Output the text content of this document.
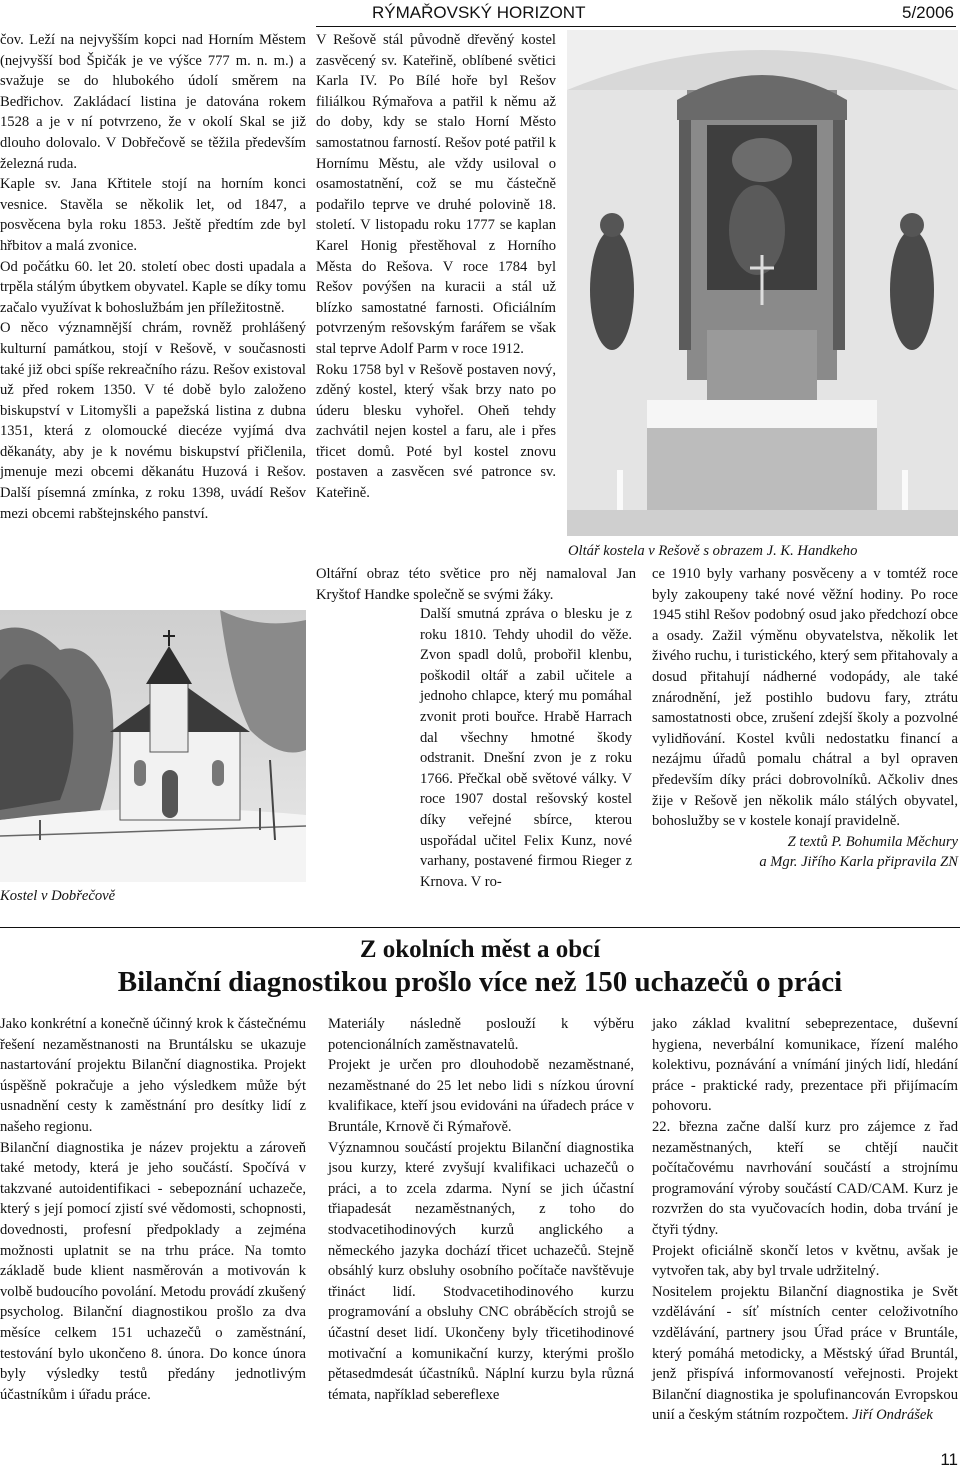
RÝMAŘOVSKÝ HORIZONT	5/2006

čov. Leží na nejvyšším kopci nad Horním Městem (nejvyšší bod Špičák je ve výšce 777 m. n. m.) a svažuje se do hlubokého údolí směrem na Bedřichov. Zakládací listina je datována rokem 1528 a je v ní potvrzeno, že v okolí Skal se již dlouho dolovalo. V Dobřečově se těžila především železná ruda.

Kaple sv. Jana Křtitele stojí na horním konci vesnice. Stavěla se několik let, od 1847, a posvěcena byla roku 1853. Ještě předtím zde byl hřbitov a malá zvonice.

Od počátku 60. let 20. století obec dosti upadala a trpěla stálým úbytkem obyvatel. Kaple se díky tomu začalo využívat k bohoslužbám jen příležitostně.

O něco významnější chrám, rovněž prohlášený kulturní památkou, stojí v Rešově, v současnosti také již obci spíše rekreačního rázu. Rešov existoval už před rokem 1350. V té době bylo založeno biskupství v Litomyšli a papežská listina z dubna 1351, která z olomoucké diecéze vyjímá dva děkanáty, aby je k novému biskupství přičlenila, jmenuje mezi obcemi děkanátu Huzová i Rešov. Další písemná zmínka, z roku 1398, uvádí Rešov mezi obcemi rabštejnského panství.

Kostel v Dobřečově

V Rešově stál původně dřevěný kostel zasvěcený sv. Kateřině, oblíbené světici Karla IV. Po Bílé hoře byl Rešov filiálkou Rýmařova a patřil k němu až do doby, kdy se stalo Horní Město samostatnou farností. Rešov poté patřil k Hornímu Městu, ale vždy usiloval o osamostatnění, což se mu částečně podařilo teprve ve druhé polovině 18. století. V listopadu roku 1777 se kaplan Karel Honig přestěhoval z Horního Města do Rešova. V roce 1784 byl Rešov povýšen na kuracii a stál už blízko samostatné farnosti. Oficiálním potvrzeným rešovským farářem se však stal teprve Adolf Parm v roce 1912.

Roku 1758 byl v Rešově postaven nový, zděný kostel, který však brzy nato po úderu blesku vyhořel. Oheň tehdy zachvátil nejen kostel a faru, ale i přes třicet domů. Poté byl kostel znovu postaven a zasvěcen své patronce sv. Kateřině.

Oltářní obraz této světice pro něj namaloval Jan Kryštof Handke společně se svými žáky.

Další smutná zpráva o blesku je z roku 1810. Tehdy uhodil do věže. Zvon spadl dolů, probořil klenbu, poškodil oltář a zabil učitele a jednoho chlapce, který mu pomáhal zvonit proti bouřce. Hrabě Harrach dal všechny hmotné škody odstranit. Dnešní zvon je z roku 1766. Přečkal obě světové války. V roce 1907 dostal rešovský kostel díky veřejné sbírce, kterou uspořádal učitel Felix Kunz, nové varhany, postavené firmou Rieger z Krnova. V ro-

Oltář kostela v Rešově s obrazem J. K. Handkeho

ce 1910 byly varhany posvěceny a v tomtéž roce byly zakoupeny také nové věžní hodiny. Po roce 1945 stihl Rešov podobný osud jako předchozí obce a osady. Zažil výměnu obyvatelstva, několik let živého ruchu, i turistického, který sem přitahovaly a dosud přitahují nádherné vodopády, ale také znárodnění, jež postihlo budovu fary, ztrátu samostatnosti obce, zrušení zdejší školy a pozvolné vylidňování. Kostel kvůli nedostatku financí a nezájmu úřadů pomalu chátral a byl opraven především díky práci dobrovolníků. Ačkoliv dnes žije v Rešově jen několik málo stálých obyvatel, bohoslužby se v kostele konají pravidelně.

Z textů P. Bohumila Měchury

a Mgr. Jiřího Karla připravila ZN

Z okolních měst a obcí
Bilanční diagnostikou prošlo více než 150 uchazečů o práci

Jako konkrétní a konečně účinný krok k částečnému řešení nezaměstnanosti na Bruntálsku se ukazuje nastartování projektu Bilanční diagnostika. Projekt úspěšně pokračuje a jeho výsledkem může být usnadnění cesty k zaměstnání pro desítky lidí z našeho regionu.

Bilanční diagnostika je název projektu a zároveň také metody, která je jeho součástí. Spočívá v takzvané autoidentifikaci - sebepoznání uchazeče, který s její pomocí zjistí své vědomosti, schopnosti, dovednosti, profesní předpoklady a zejména možnosti uplatnit se na trhu práce. Na tomto základě bude klient nasměrován a motivován k volbě budoucího povolání. Metodu provádí zkušený psycholog. Bilanční diagnostikou prošlo za dva měsíce celkem 151 uchazečů o zaměstnání, testování bylo ukončeno 8. února. Do konce února byly výsledky testů předány jednotlivým účastníkům i úřadu práce.

Materiály následně poslouží k výběru potencionálních zaměstnavatelů.

Projekt je určen pro dlouhodobě nezaměstnané, nezaměstnané do 25 let nebo lidi s nízkou úrovní kvalifikace, kteří jsou evidováni na úřadech práce v Bruntále, Krnově či Rýmařově.

Významnou součástí projektu Bilanční diagnostika jsou kurzy, které zvyšují kvalifikaci uchazečů o práci, a to zcela zdarma. Nyní se jich účastní třiapadesát nezaměstnaných, z toho do stodvacetihodinových kurzů anglického a německého jazyka dochází třicet uchazečů. Stejně obsáhlý kurz obsluhy osobního počítače navštěvuje třináct lidí. Stodvacetihodinového kurzu programování a obsluhy CNC obráběcích strojů se účastní deset lidí. Ukončeny byly třicetihodinové motivační a komunikační kurzy, kterými prošlo pětasedmdesát účastníků. Náplní kurzu byla různá témata, například sebereflexe

jako základ kvalitní sebeprezentace, duševní hygiena, neverbální komunikace, řízení malého kolektivu, poznávání a vnímání jiných lidí, hledání práce - praktické rady, prezentace při přijímacím pohovoru.

22. března začne další kurz pro zájemce z řad nezaměstnaných, kteří se chtějí naučit počítačovému navrhování součástí a strojnímu programování výroby součástí CAD/CAM. Kurz je rozvržen do sta vyučovacích hodin, doba trvání je čtyři týdny.

Projekt oficiálně skončí letos v květnu, avšak je vytvořen tak, aby byl trvale udržitelný.

Nositelem projektu Bilanční diagnostika je Svět vzdělávání - síť místních center celoživotního vzdělávání, partnery jsou Úřad práce v Bruntále, který pomáhá metodicky, a Městský úřad Bruntál, jenž přispívá informovaností veřejnosti. Projekt Bilanční diagnostika je spolufinancován Evropskou unií a českým státním rozpočtem. Jiří Ondrášek

11
